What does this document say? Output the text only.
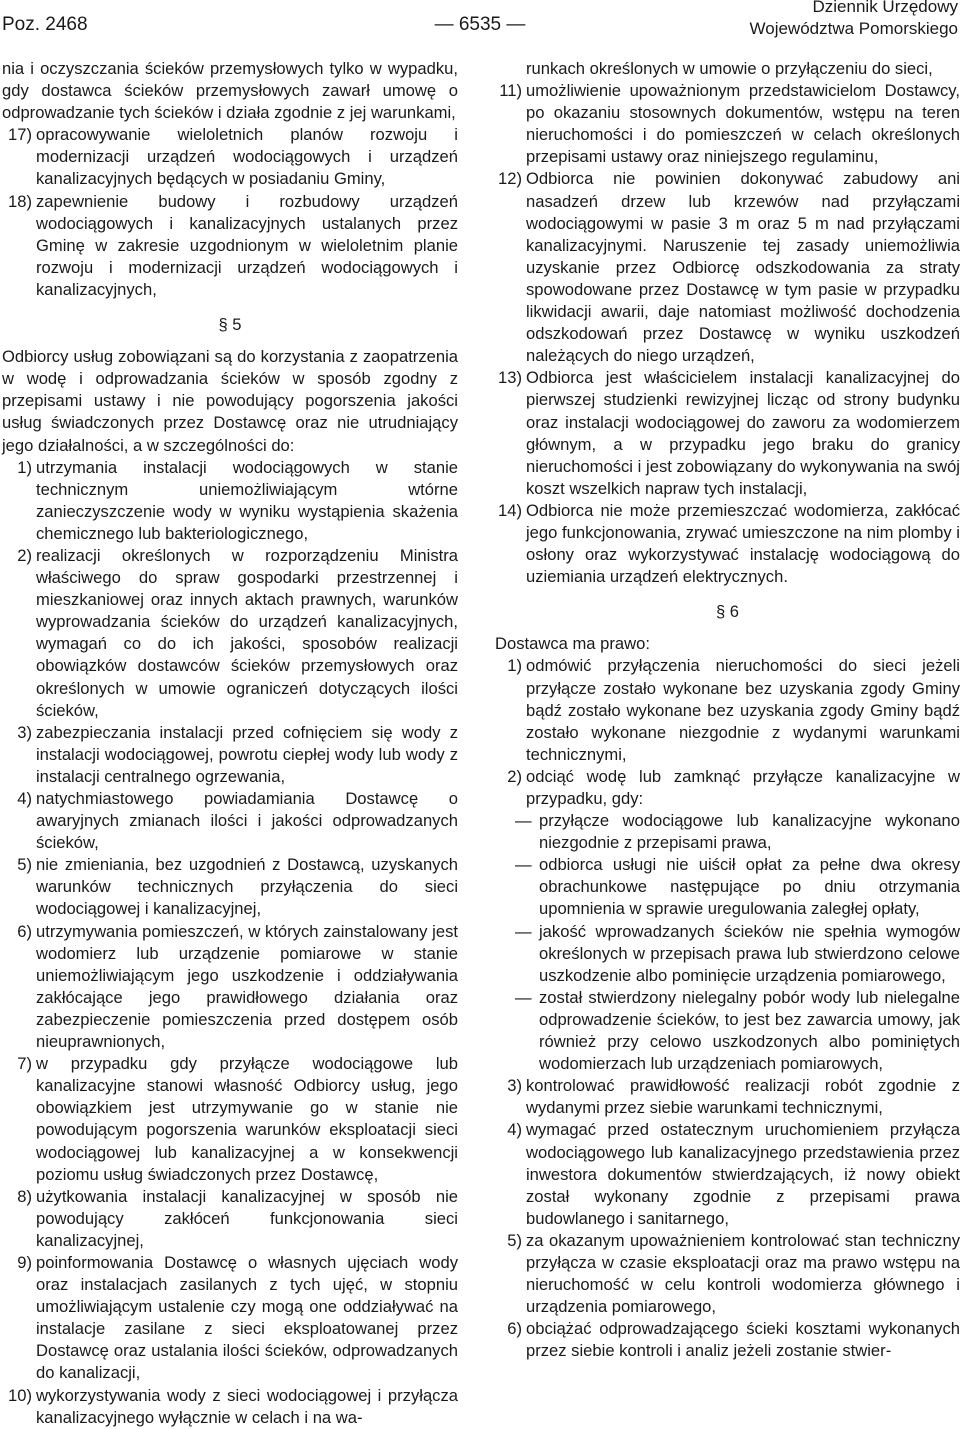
Poz. 2468	— 6535 —
Dziennik Urzędowy
Województwa Pomorskiego

nia i oczyszczania ścieków przemysłowych tylko w wypadku, gdy dostawca ścieków przemysłowych zawarł umowę o odprowadzanie tych ścieków i działa zgodnie z jej warunkami,

17) opracowywanie wieloletnich planów rozwoju i modernizacji urządzeń wodociągowych i urządzeń kanalizacyjnych będących w posiadaniu Gminy,
18) zapewnienie budowy i rozbudowy urządzeń wodociągowych i kanalizacyjnych ustalanych przez Gminę w zakresie uzgodnionym w wieloletnim planie rozwoju i modernizacji urządzeń wodociągowych i kanalizacyjnych,
§ 5

Odbiorcy usług zobowiązani są do korzystania z zaopatrzenia w wodę i odprowadzania ścieków w sposób zgodny z przepisami ustawy i nie powodujący pogorszenia jakości usług świadczonych przez Dostawcę oraz nie utrudniający jego działalności, a w szczególności do:

1) utrzymania instalacji wodociągowych w stanie technicznym uniemożliwiającym wtórne zanieczyszczenie wody w wyniku wystąpienia skażenia chemicznego lub bakteriologicznego,
2) realizacji określonych w rozporządzeniu Ministra właściwego do spraw gospodarki przestrzennej i mieszkaniowej oraz innych aktach prawnych, warunków wyprowadzania ścieków do urządzeń kanalizacyjnych, wymagań co do ich jakości, sposobów realizacji obowiązków dostawców ścieków przemysłowych oraz określonych w umowie ograniczeń dotyczących ilości ścieków,
3) zabezpieczania instalacji przed cofnięciem się wody z instalacji wodociągowej, powrotu ciepłej wody lub wody z instalacji centralnego ogrzewania,
4) natychmiastowego powiadamiania Dostawcę o awaryjnych zmianach ilości i jakości odprowadzanych ścieków,
5) nie zmieniania, bez uzgodnień z Dostawcą, uzyskanych warunków technicznych przyłączenia do sieci wodociągowej i kanalizacyjnej,
6) utrzymywania pomieszczeń, w których zainstalowany jest wodomierz lub urządzenie pomiarowe w stanie uniemożliwiającym jego uszkodzenie i oddziaływania zakłócające jego prawidłowego działania oraz zabezpieczenie pomieszczenia przed dostępem osób nieuprawnionych,
7) w przypadku gdy przyłącze wodociągowe lub kanalizacyjne stanowi własność Odbiorcy usług, jego obowiązkiem jest utrzymywanie go w stanie nie powodującym pogorszenia warunków eksploatacji sieci wodociągowej lub kanalizacyjnej a w konsekwencji poziomu usług świadczonych przez Dostawcę,
8) użytkowania instalacji kanalizacyjnej w sposób nie powodujący zakłóceń funkcjonowania sieci kanalizacyjnej,
9) poinformowania Dostawcę o własnych ujęciach wody oraz instalacjach zasilanych z tych ujęć, w stopniu umożliwiającym ustalenie czy mogą one oddziaływać na instalacje zasilane z sieci eksploatowanej przez Dostawcę oraz ustalania ilości ścieków, odprowadzanych do kanalizacji,
10) wykorzystywania wody z sieci wodociągowej i przyłącza kanalizacyjnego wyłącznie w celach i na wa-

runkach określonych w umowie o przyłączeniu do sieci,

11) umożliwienie upoważnionym przedstawicielom Dostawcy, po okazaniu stosownych dokumentów, wstępu na teren nieruchomości i do pomieszczeń w celach określonych przepisami ustawy oraz niniejszego regulaminu,
12) Odbiorca nie powinien dokonywać zabudowy ani nasadzeń drzew lub krzewów nad przyłączami wodociągowymi w pasie 3 m oraz 5 m nad przyłączami kanalizacyjnymi. Naruszenie tej zasady uniemożliwia uzyskanie przez Odbiorcę odszkodowania za straty spowodowane przez Dostawcę w tym pasie w przypadku likwidacji awarii, daje natomiast możliwość dochodzenia odszkodowań przez Dostawcę w wyniku uszkodzeń należących do niego urządzeń,
13) Odbiorca jest właścicielem instalacji kanalizacyjnej do pierwszej studzienki rewizyjnej licząc od strony budynku oraz instalacji wodociągowej do zaworu za wodomierzem głównym, a w przypadku jego braku do granicy nieruchomości i jest zobowiązany do wykonywania na swój koszt wszelkich napraw tych instalacji,
14) Odbiorca nie może przemieszczać wodomierza, zakłócać jego funkcjonowania, zrywać umieszczone na nim plomby i osłony oraz wykorzystywać instalację wodociągową do uziemiania urządzeń elektrycznych.
§ 6

Dostawca ma prawo:

1) odmówić przyłączenia nieruchomości do sieci jeżeli przyłącze zostało wykonane bez uzyskania zgody Gminy bądź zostało wykonane bez uzyskania zgody Gminy bądź zostało wykonane niezgodnie z wydanymi warunkami technicznymi,
2) odciąć wodę lub zamknąć przyłącze kanalizacyjne w przypadku, gdy:
— przyłącze wodociągowe lub kanalizacyjne wykonano niezgodnie z przepisami prawa,
— odbiorca usługi nie uiścił opłat za pełne dwa okresy obrachunkowe następujące po dniu otrzymania upomnienia w sprawie uregulowania zaległej opłaty,
— jakość wprowadzanych ścieków nie spełnia wymogów określonych w przepisach prawa lub stwierdzono celowe uszkodzenie albo pominięcie urządzenia pomiarowego,
— został stwierdzony nielegalny pobór wody lub nielegalne odprowadzenie ścieków, to jest bez zawarcia umowy, jak również przy celowo uszkodzonych albo pominiętych wodomierzach lub urządzeniach pomiarowych,
3) kontrolować prawidłowość realizacji robót zgodnie z wydanymi przez siebie warunkami technicznymi,
4) wymagać przed ostatecznym uruchomieniem przyłącza wodociągowego lub kanalizacyjnego przedstawienia przez inwestora dokumentów stwierdzających, iż nowy obiekt został wykonany zgodnie z przepisami prawa budowlanego i sanitarnego,
5) za okazanym upoważnieniem kontrolować stan techniczny przyłącza w czasie eksploatacji oraz ma prawo wstępu na nieruchomość w celu kontroli wodomierza głównego i urządzenia pomiarowego,
6) obciążać odprowadzającego ścieki kosztami wykonanych przez siebie kontroli i analiz jeżeli zostanie stwier-
